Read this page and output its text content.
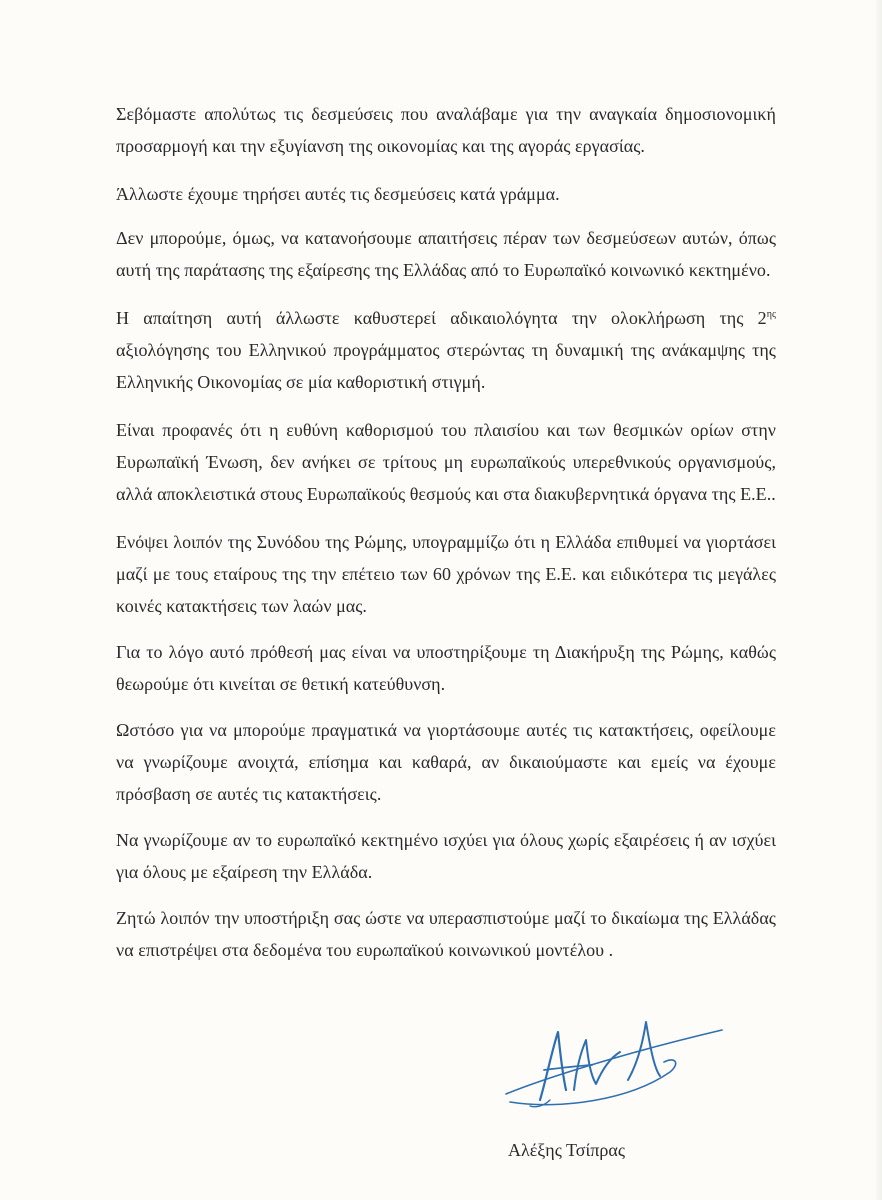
Σεβόμαστε απολύτως τις δεσμεύσεις που αναλάβαμε για την αναγκαία δημοσιονομική προσαρμογή και την εξυγίανση της οικονομίας και της αγοράς εργασίας.

Άλλωστε έχουμε τηρήσει αυτές τις δεσμεύσεις κατά γράμμα.

Δεν μπορούμε, όμως, να κατανοήσουμε απαιτήσεις πέραν των δεσμεύσεων αυτών, όπως αυτή της παράτασης της εξαίρεσης της Ελλάδας από το Ευρωπαϊκό κοινωνικό κεκτημένο.

Η απαίτηση αυτή άλλωστε καθυστερεί αδικαιολόγητα την ολοκλήρωση της $2^{\eta\varsigma}$ αξιολόγησης του Ελληνικού προγράμματος στερώντας τη δυναμική της ανάκαμψης της Ελληνικής Οικονομίας σε μία καθοριστική στιγμή.

Είναι προφανές ότι η ευθύνη καθορισμού του πλαισίου και των θεσμικών ορίων στην Ευρωπαϊκή Ένωση, δεν ανήκει σε τρίτους μη ευρωπαϊκούς υπερεθνικούς οργανισμούς, αλλά αποκλειστικά στους Ευρωπαϊκούς θεσμούς και στα διακυβερνητικά όργανα της Ε.Ε..

Ενόψει λοιπόν της Συνόδου της Ρώμης, υπογραμμίζω ότι η Ελλάδα επιθυμεί να γιορτάσει μαζί με τους εταίρους της την επέτειο των 60 χρόνων της Ε.Ε. και ειδικότερα τις μεγάλες κοινές κατακτήσεις των λαών μας.

Για το λόγο αυτό πρόθεσή μας είναι να υποστηρίξουμε τη Διακήρυξη της Ρώμης, καθώς θεωρούμε ότι κινείται σε θετική κατεύθυνση.

Ωστόσο για να μπορούμε πραγματικά να γιορτάσουμε αυτές τις κατακτήσεις, οφείλουμε να γνωρίζουμε ανοιχτά, επίσημα και καθαρά, αν δικαιούμαστε και εμείς να έχουμε πρόσβαση σε αυτές τις κατακτήσεις.

Να γνωρίζουμε αν το ευρωπαϊκό κεκτημένο ισχύει για όλους χωρίς εξαιρέσεις ή αν ισχύει για όλους με εξαίρεση την Ελλάδα.

Ζητώ λοιπόν την υποστήριξη σας ώστε να υπερασπιστούμε μαζί το δικαίωμα της Ελλάδας να επιστρέψει στα δεδομένα του ευρωπαϊκού κοινωνικού μοντέλου .

Αλέξης Τσίπρας
